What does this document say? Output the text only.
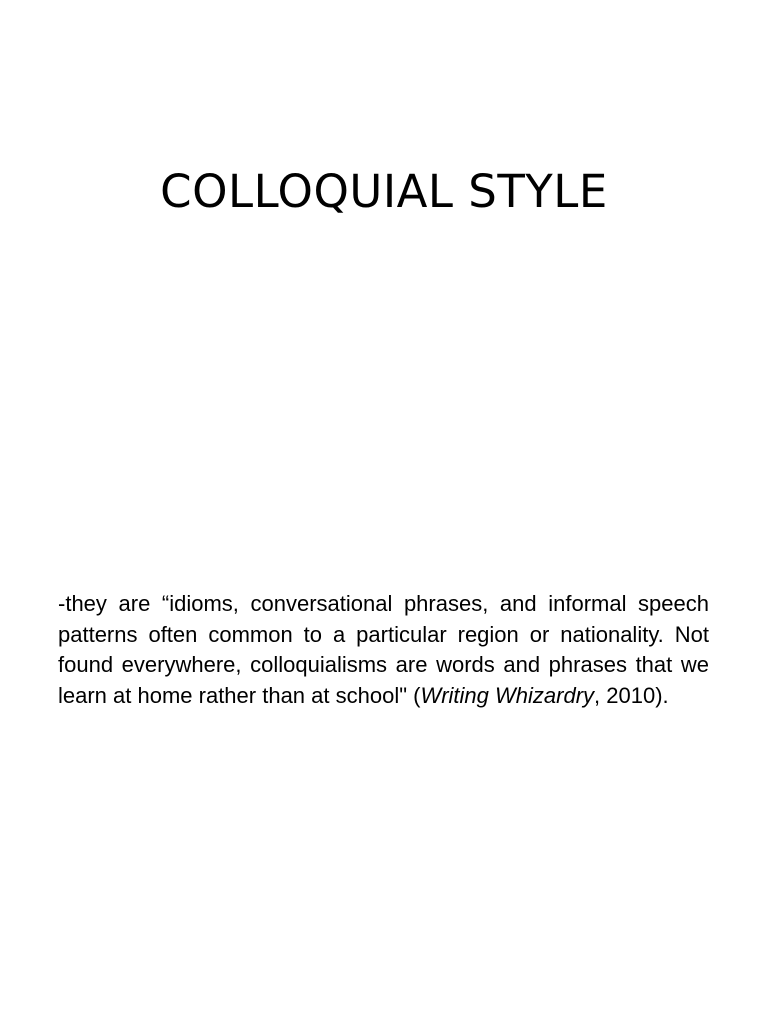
COLLOQUIAL STYLE

-they are “idioms, conversational phrases, and informal speech patterns often common to a particular region or nationality. Not found everywhere, colloquialisms are words and phrases that we learn at home rather than at school" (Writing Whizardry, 2010).
